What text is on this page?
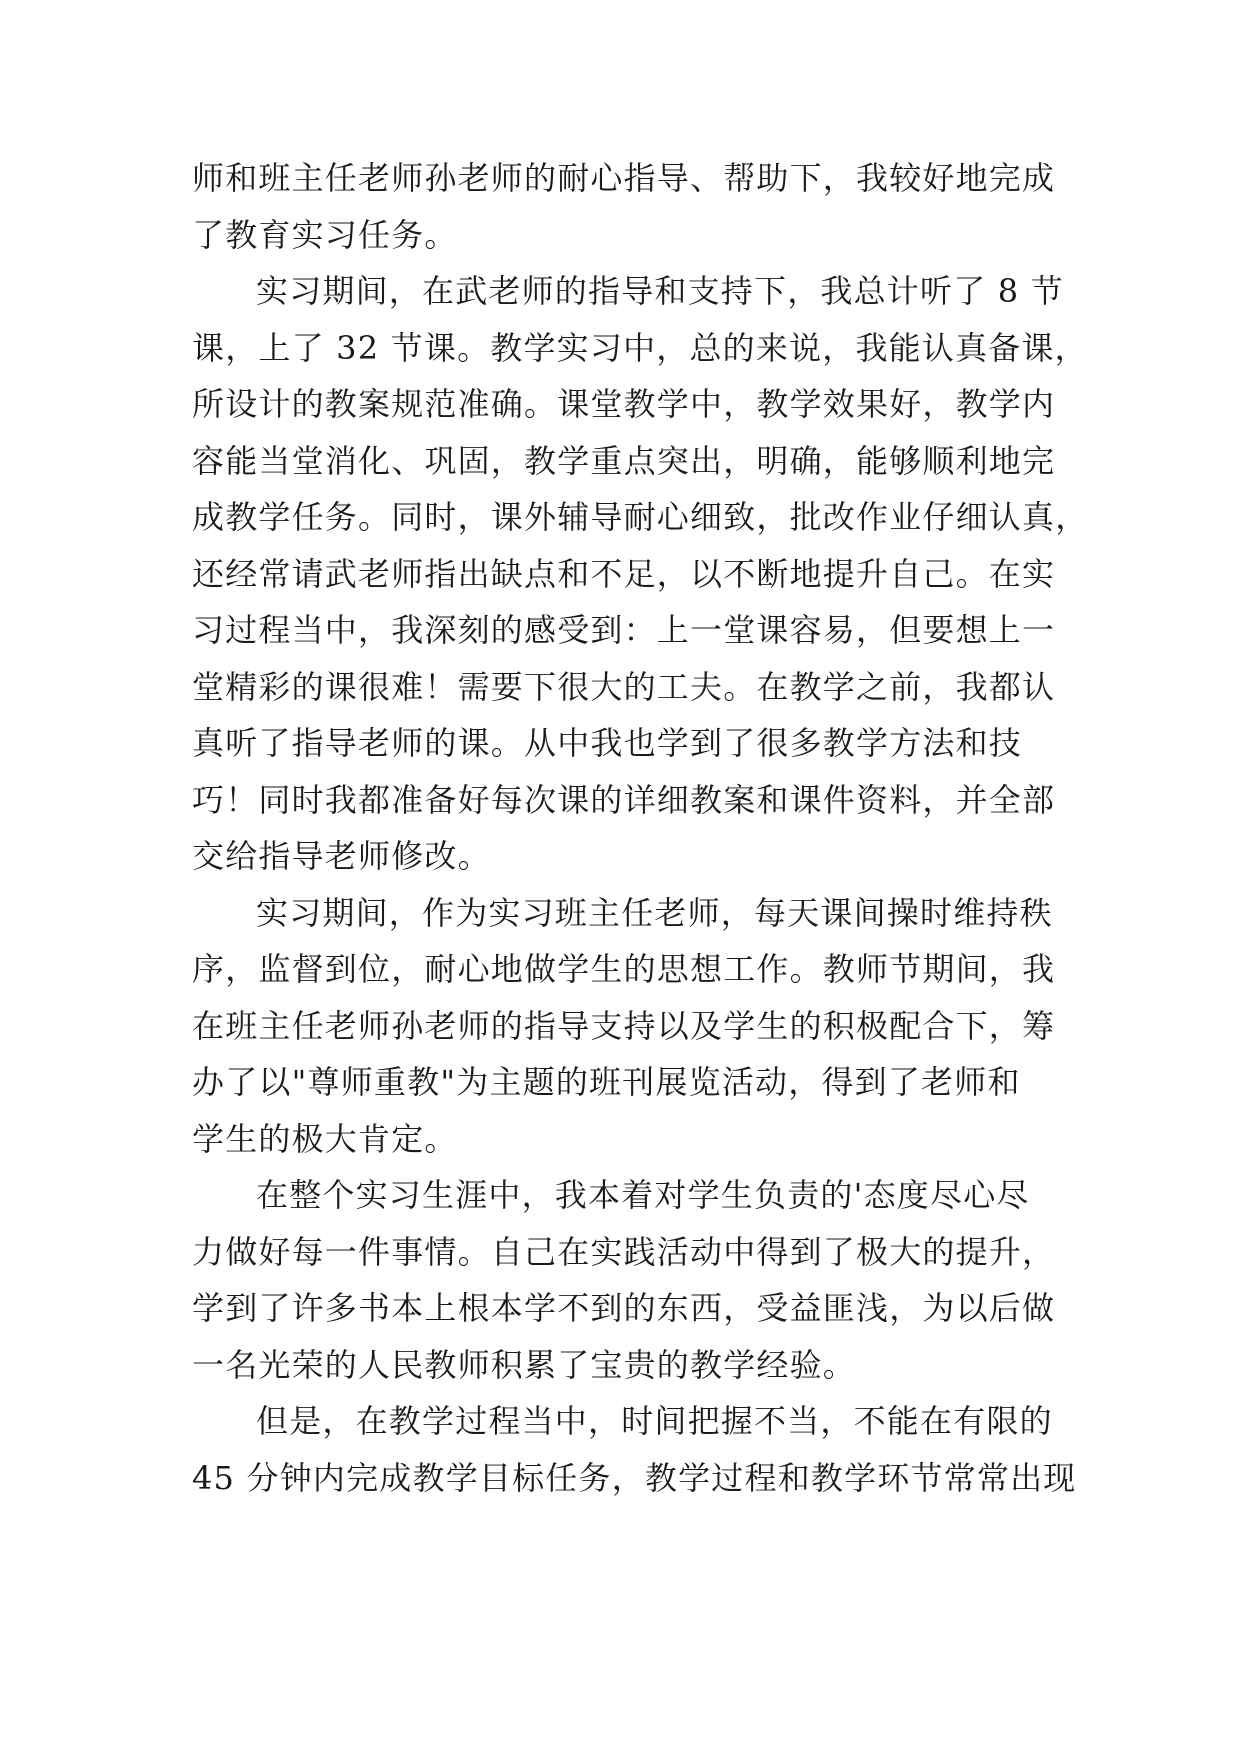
师和班主任老师孙老师的耐心指导、帮助下，我较好地完成
了教育实习任务。
实习期间，在武老师的指导和支持下，我总计听了 8 节
课，上了 32 节课。教学实习中，总的来说，我能认真备课，
所设计的教案规范准确。课堂教学中，教学效果好，教学内
容能当堂消化、巩固，教学重点突出，明确，能够顺利地完
成教学任务。同时，课外辅导耐心细致，批改作业仔细认真，
还经常请武老师指出缺点和不足，以不断地提升自己。在实
习过程当中，我深刻的感受到：上一堂课容易，但要想上一
堂精彩的课很难！需要下很大的工夫。在教学之前，我都认
真听了指导老师的课。从中我也学到了很多教学方法和技
巧！同时我都准备好每次课的详细教案和课件资料，并全部
交给指导老师修改。
实习期间，作为实习班主任老师，每天课间操时维持秩
序，监督到位，耐心地做学生的思想工作。教师节期间，我
在班主任老师孙老师的指导支持以及学生的积极配合下，筹
办了以"尊师重教"为主题的班刊展览活动，得到了老师和
学生的极大肯定。
在整个实习生涯中，我本着对学生负责的'态度尽心尽
力做好每一件事情。自己在实践活动中得到了极大的提升，
学到了许多书本上根本学不到的东西，受益匪浅，为以后做
一名光荣的人民教师积累了宝贵的教学经验。
但是，在教学过程当中，时间把握不当，不能在有限的
45 分钟内完成教学目标任务，教学过程和教学环节常常出现
